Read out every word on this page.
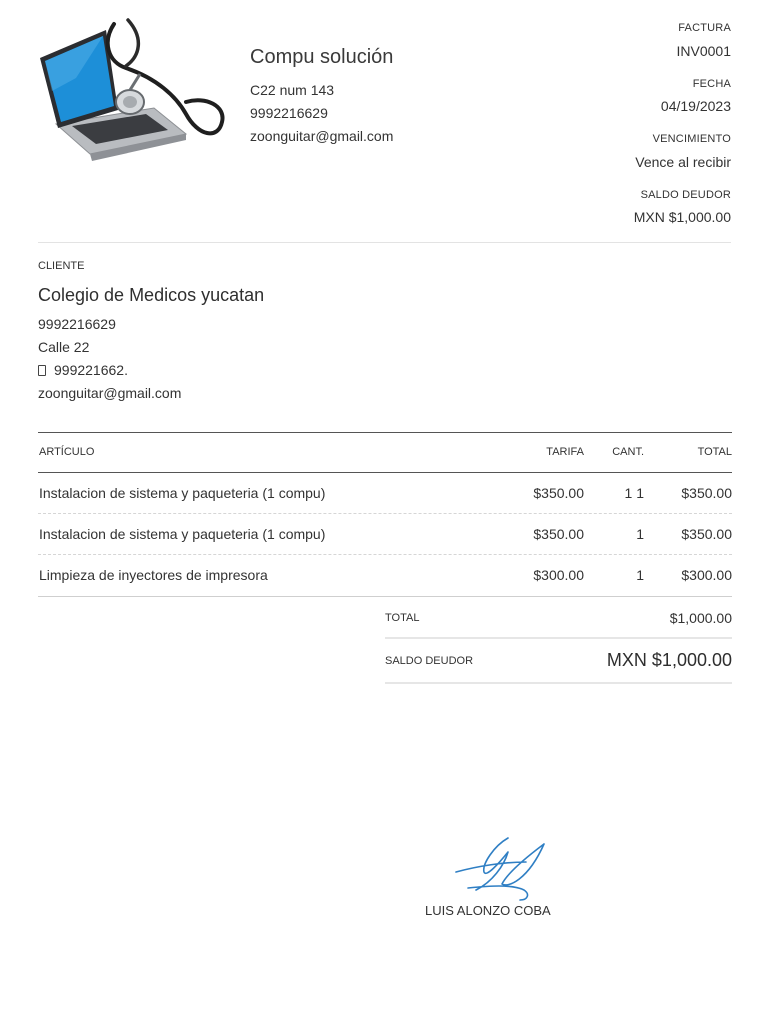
Compu solución
C22 num 143
9992216629
zoonguitar@gmail.com
FACTURA
INV0001
FECHA
04/19/2023
VENCIMIENTO
Vence al recibir
SALDO DEUDOR
MXN $1,000.00
CLIENTE
Colegio de Medicos yucatan
9992216629
Calle 22
999221662.
zoonguitar@gmail.com
ARTÍCULO	TARIFA	CANT.	TOTAL
Instalacion de sistema y paqueteria (1 compu)	$350.00	1 1	$350.00
Instalacion de sistema y paqueteria (1 compu)	$350.00	1	$350.00
Limpieza de inyectores de impresora	$300.00	1	$300.00
TOTAL	$1,000.00
SALDO DEUDOR	MXN $1,000.00
LUIS ALONZO COBA
